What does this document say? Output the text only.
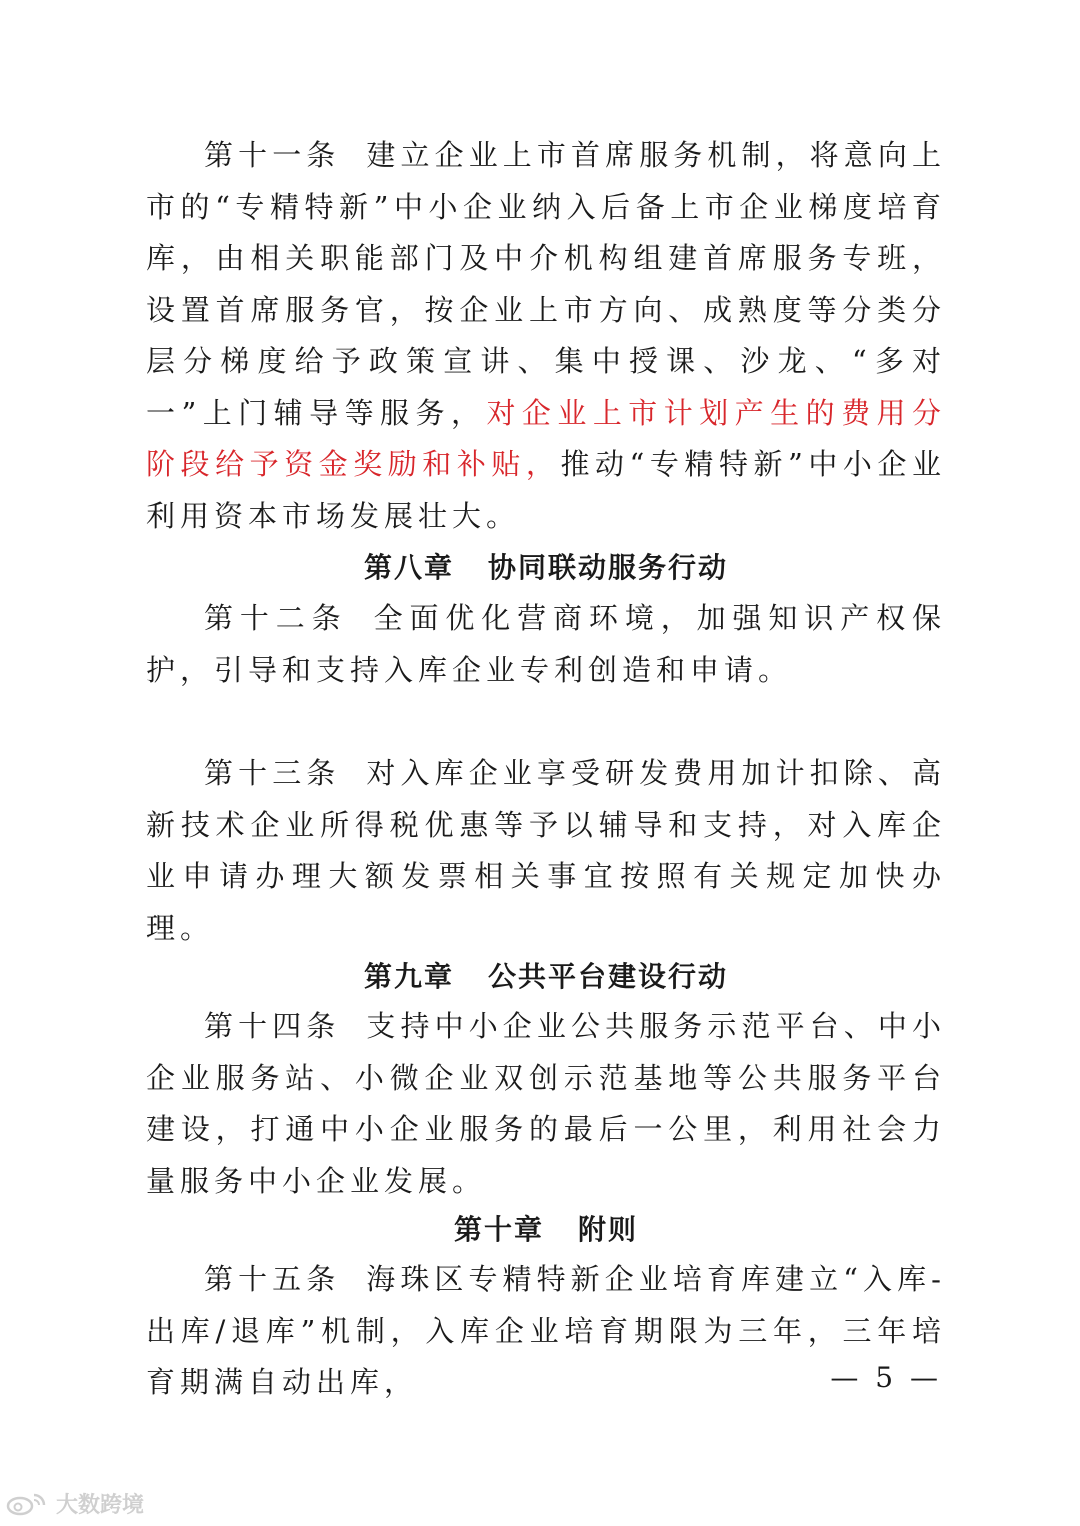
第十一条 建立企业上市首席服务机制，将意向上市的“专精特新”中小企业纳入后备上市企业梯度培育库，由相关职能部门及中介机构组建首席服务专班，设置首席服务官，按企业上市方向、成熟度等分类分层分梯度给予政策宣讲、集中授课、沙龙、“多对一”上门辅导等服务，对企业上市计划产生的费用分阶段给予资金奖励和补贴，推动“专精特新”中小企业利用资本市场发展壮大。

第八章 协同联动服务行动

第十二条 全面优化营商环境，加强知识产权保护，引导和支持入库企业专利创造和申请。

第十三条 对入库企业享受研发费用加计扣除、高新技术企业所得税优惠等予以辅导和支持，对入库企业申请办理大额发票相关事宜按照有关规定加快办理。

第九章 公共平台建设行动

第十四条 支持中小企业公共服务示范平台、中小企业服务站、小微企业双创示范基地等公共服务平台建设，打通中小企业服务的最后一公里，利用社会力量服务中小企业发展。

第十章 附则

第十五条 海珠区专精特新企业培育库建立“入库-出库/退库”机制，入库企业培育期限为三年，三年培育期满自动出库，	— 5 —
大数跨境
